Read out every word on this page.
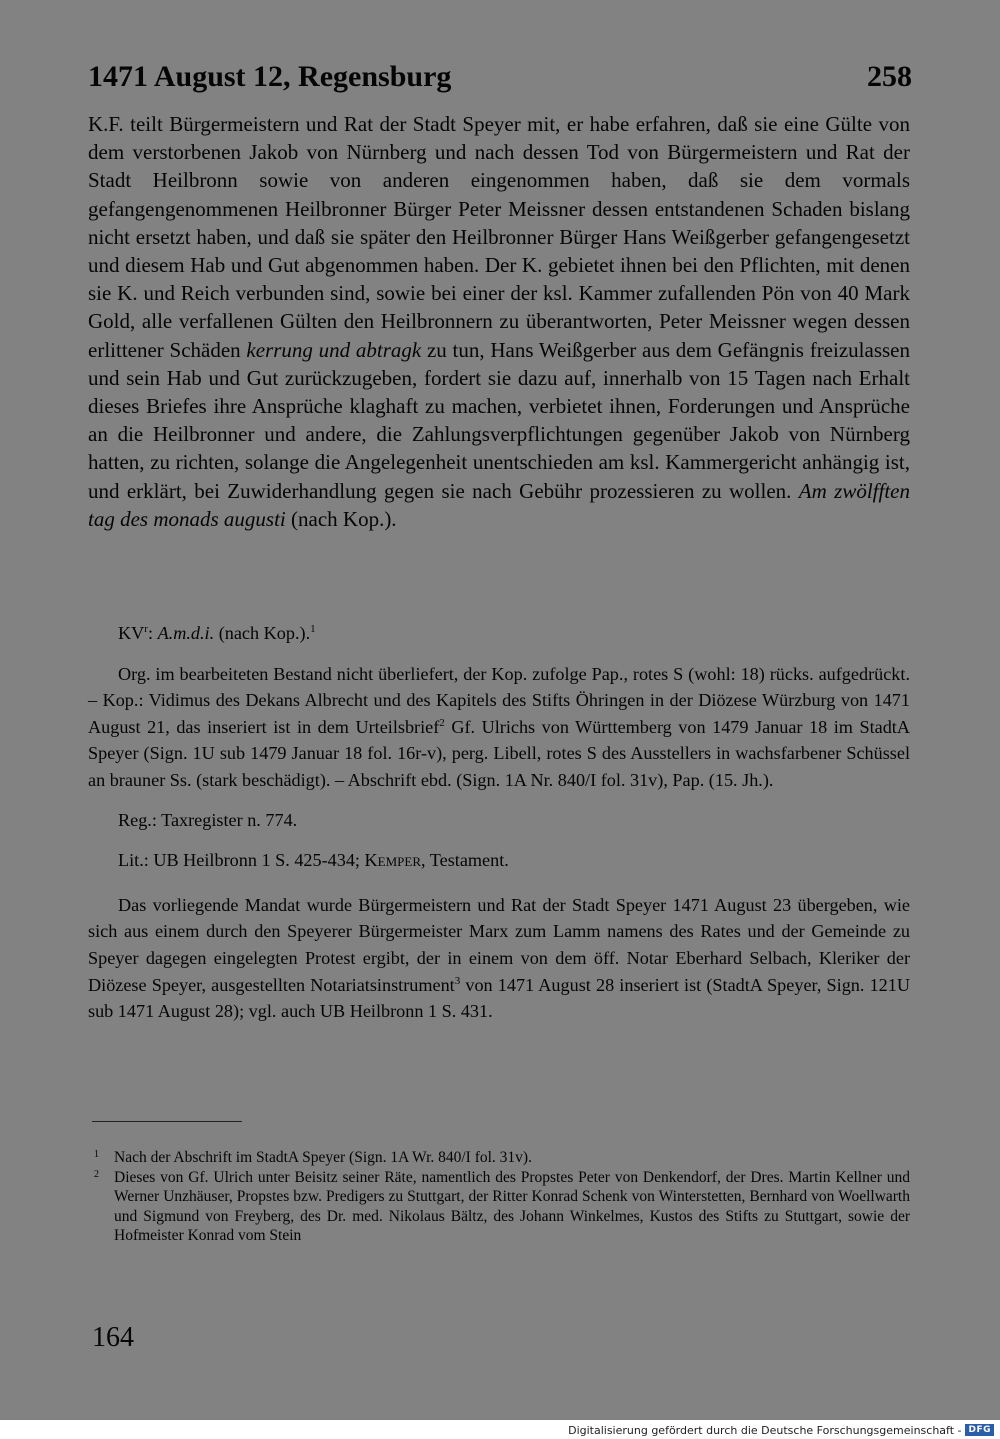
1471 August 12, Regensburg	258
K.F. teilt Bürgermeistern und Rat der Stadt Speyer mit, er habe erfahren, daß sie eine Gülte von dem verstorbenen Jakob von Nürnberg und nach dessen Tod von Bürgermeistern und Rat der Stadt Heilbronn sowie von anderen eingenommen haben, daß sie dem vormals gefangengenommenen Heilbronner Bürger Peter Meissner dessen entstandenen Schaden bislang nicht ersetzt haben, und daß sie später den Heilbronner Bürger Hans Weißgerber gefangengesetzt und diesem Hab und Gut abgenommen haben. Der K. gebietet ihnen bei den Pflichten, mit denen sie K. und Reich verbunden sind, sowie bei einer der ksl. Kammer zufallenden Pön von 40 Mark Gold, alle verfallenen Gülten den Heilbronnern zu überantworten, Peter Meissner wegen dessen erlittener Schäden kerrung und abtragk zu tun, Hans Weißgerber aus dem Gefängnis freizulassen und sein Hab und Gut zurückzugeben, fordert sie dazu auf, innerhalb von 15 Tagen nach Erhalt dieses Briefes ihre Ansprüche klaghaft zu machen, verbietet ihnen, Forderungen und Ansprüche an die Heilbronner und andere, die Zahlungsverpflichtungen gegenüber Jakob von Nürnberg hatten, zu richten, solange die Angelegenheit unentschieden am ksl. Kammergericht anhängig ist, und erklärt, bei Zuwiderhandlung gegen sie nach Gebühr prozessieren zu wollen. Am zwölfften tag des monads augusti (nach Kop.).

$KV^r$: A.m.d.i. (nach Kop.).$^1$

Org. im bearbeiteten Bestand nicht überliefert, der Kop. zufolge Pap., rotes S (wohl: 18) rücks. aufgedrückt. – Kop.: Vidimus des Dekans Albrecht und des Kapitels des Stifts Öhringen in der Diözese Würzburg von 1471 August 21, das inseriert ist in dem Urteilsbrief$^2$ Gf. Ulrichs von Württemberg von 1479 Januar 18 im StadtA Speyer (Sign. 1U sub 1479 Januar 18 fol. 16r-v), perg. Libell, rotes S des Ausstellers in wachsfarbener Schüssel an brauner Ss. (stark beschädigt). – Abschrift ebd. (Sign. 1A Nr. 840/I fol. 31v), Pap. (15. Jh.).

Reg.: Taxregister n. 774.

Lit.: UB Heilbronn 1 S. 425-434; Kemper, Testament.

Das vorliegende Mandat wurde Bürgermeistern und Rat der Stadt Speyer 1471 August 23 übergeben, wie sich aus einem durch den Speyerer Bürgermeister Marx zum Lamm namens des Rates und der Gemeinde zu Speyer dagegen eingelegten Protest ergibt, der in einem von dem öff. Notar Eberhard Selbach, Kleriker der Diözese Speyer, ausgestellten Notariatsinstrument$^3$ von 1471 August 28 inseriert ist (StadtA Speyer, Sign. 121U sub 1471 August 28); vgl. auch UB Heilbronn 1 S. 431.

1 Nach der Abschrift im StadtA Speyer (Sign. 1A Wr. 840/I fol. 31v).
2 Dieses von Gf. Ulrich unter Beisitz seiner Räte, namentlich des Propstes Peter von Denkendorf, der Dres. Martin Kellner und Werner Unzhäuser, Propstes bzw. Predigers zu Stuttgart, der Ritter Konrad Schenk von Winterstetten, Bernhard von Woellwarth und Sigmund von Freyberg, des Dr. med. Nikolaus Bältz, des Johann Winkelmes, Kustos des Stifts zu Stuttgart, sowie der Hofmeister Konrad vom Stein
164
Digitalisierung gefördert durch die Deutsche Forschungsgemeinschaft - DFG
